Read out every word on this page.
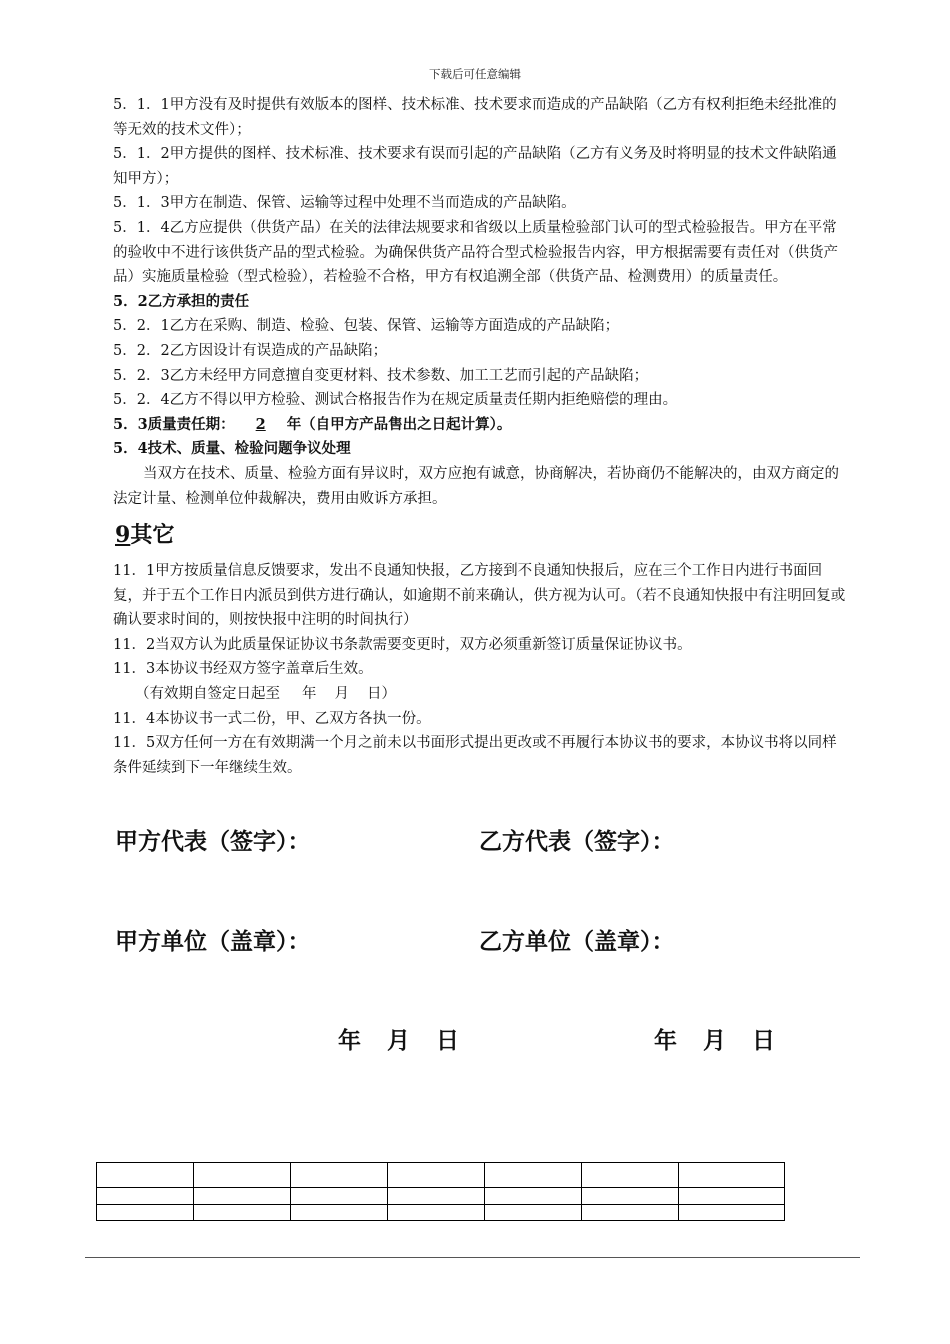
下载后可任意编辑

5．1．1甲方没有及时提供有效版本的图样、技术标准、技术要求而造成的产品缺陷（乙方有权利拒绝未经批准的等无效的技术文件）；

5．1．2甲方提供的图样、技术标准、技术要求有误而引起的产品缺陷（乙方有义务及时将明显的技术文件缺陷通知甲方）；

5．1．3甲方在制造、保管、运输等过程中处理不当而造成的产品缺陷。

5．1．4乙方应提供（供货产品）在关的法律法规要求和省级以上质量检验部门认可的型式检验报告。甲方在平常的验收中不进行该供货产品的型式检验。为确保供货产品符合型式检验报告内容，甲方根据需要有责任对（供货产品）实施质量检验（型式检验），若检验不合格，甲方有权追溯全部（供货产品、检测费用）的质量责任。

5．2乙方承担的责任

5．2．1乙方在采购、制造、检验、包装、保管、运输等方面造成的产品缺陷；

5．2．2乙方因设计有误造成的产品缺陷；

5．2．3乙方未经甲方同意擅自变更材料、技术参数、加工工艺而引起的产品缺陷；

5．2．4乙方不得以甲方检验、测试合格报告作为在规定质量责任期内拒绝赔偿的理由。

5．3质量责任期： 2 年（自甲方产品售出之日起计算）。

5．4技术、质量、检验问题争议处理

当双方在技术、质量、检验方面有异议时，双方应抱有诚意，协商解决，若协商仍不能解决的，由双方商定的法定计量、检测单位仲裁解决，费用由败诉方承担。

9其它

11．1甲方按质量信息反馈要求，发出不良通知快报，乙方接到不良通知快报后，应在三个工作日内进行书面回复，并于五个工作日内派员到供方进行确认，如逾期不前来确认，供方视为认可。（若不良通知快报中有注明回复或确认要求时间的，则按快报中注明的时间执行）

11．2当双方认为此质量保证协议书条款需要变更时，双方必须重新签订质量保证协议书。

11．3本协议书经双方签字盖章后生效。

（有效期自签定日起至 年 月 日）

11．4本协议书一式二份，甲、乙双方各执一份。

11．5双方任何一方在有效期满一个月之前未以书面形式提出更改或不再履行本协议书的要求，本协议书将以同样条件延续到下一年继续生效。

甲方代表（签字）：	乙方代表（签字）：
甲方单位（盖章）：	乙方单位（盖章）：
年 月 日	年 月 日
